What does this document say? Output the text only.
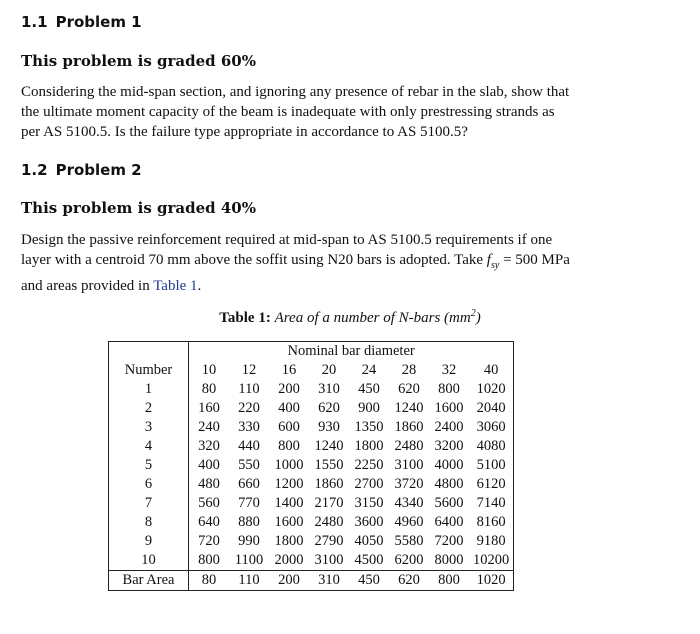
1.1 Problem 1

This problem is graded 60%

Considering the mid-span section, and ignoring any presence of rebar in the slab, show that
the ultimate moment capacity of the beam is inadequate with only prestressing strands as
per AS 5100.5. Is the failure type appropriate in accordance to AS 5100.5?
1.2 Problem 2

This problem is graded 40%

Design the passive reinforcement required at mid-span to AS 5100.5 requirements if one
layer with a centroid 70 mm above the soffit using N20 bars is adopted. Take $f_{sy} = 500$ MPa
and areas provided in Table 1.

Table 1: Area of a number of N-bars $(mm^2)$

	Nominal bar diameter							
Number	10	12	16	20	24	28	32	40
1	80	110	200	310	450	620	800	1020
2	160	220	400	620	900	1240	1600	2040
3	240	330	600	930	1350	1860	2400	3060
4	320	440	800	1240	1800	2480	3200	4080
5	400	550	1000	1550	2250	3100	4000	5100
6	480	660	1200	1860	2700	3720	4800	6120
7	560	770	1400	2170	3150	4340	5600	7140
8	640	880	1600	2480	3600	4960	6400	8160
9	720	990	1800	2790	4050	5580	7200	9180
10	800	1100	2000	3100	4500	6200	8000	10200
Bar Area	80	110	200	310	450	620	800	1020
